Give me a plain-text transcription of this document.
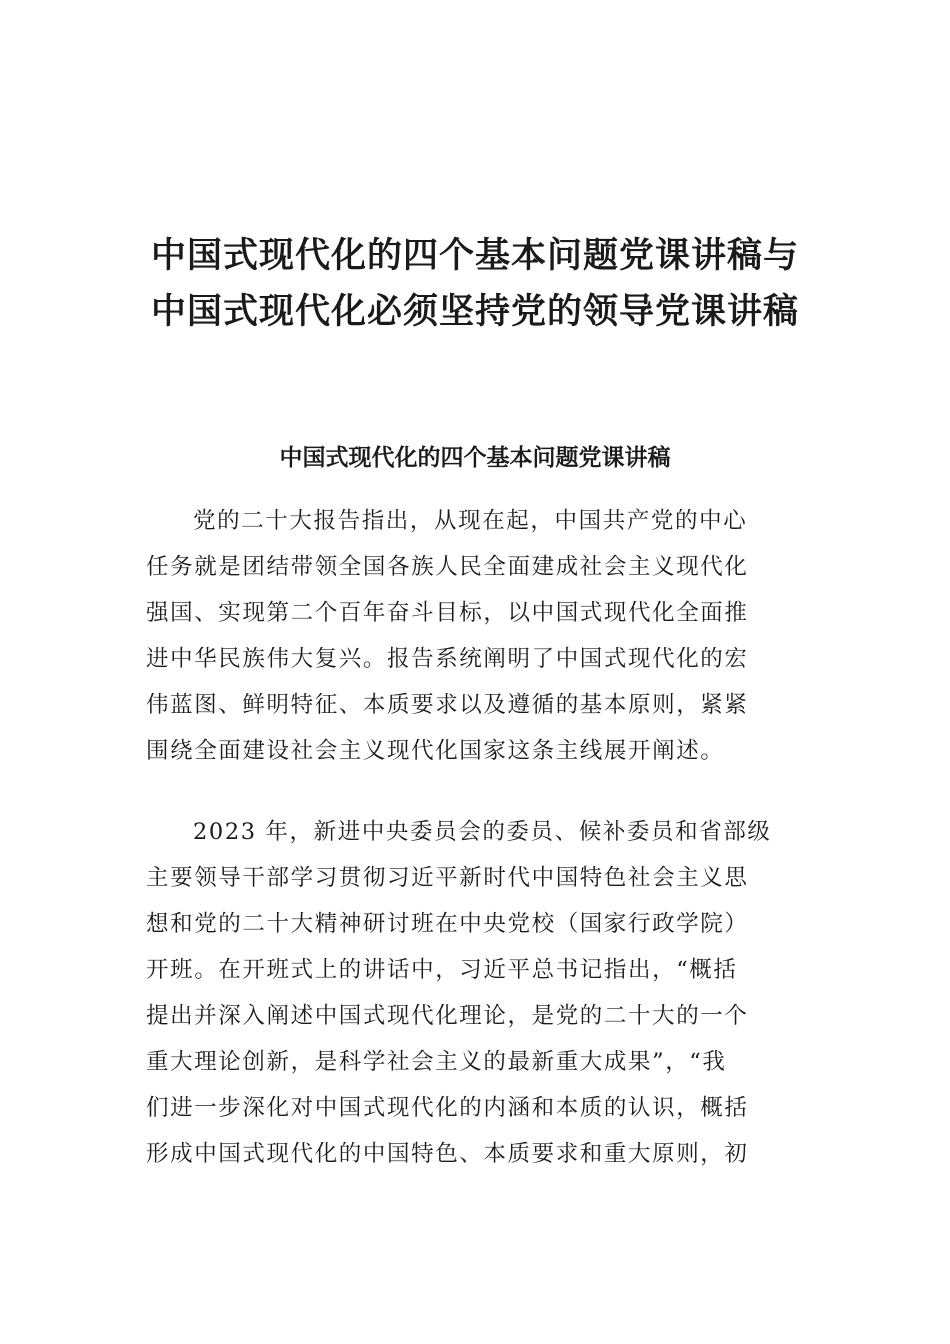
中国式现代化的四个基本问题党课讲稿与
中国式现代化必须坚持党的领导党课讲稿
中国式现代化的四个基本问题党课讲稿
党的二十大报告指出，从现在起，中国共产党的中心
任务就是团结带领全国各族人民全面建成社会主义现代化
强国、实现第二个百年奋斗目标，以中国式现代化全面推
进中华民族伟大复兴。报告系统阐明了中国式现代化的宏
伟蓝图、鲜明特征、本质要求以及遵循的基本原则，紧紧
围绕全面建设社会主义现代化国家这条主线展开阐述。
2023 年，新进中央委员会的委员、候补委员和省部级
主要领导干部学习贯彻习近平新时代中国特色社会主义思
想和党的二十大精神研讨班在中央党校（国家行政学院）
开班。在开班式上的讲话中，习近平总书记指出，“概括
提出并深入阐述中国式现代化理论，是党的二十大的一个
重大理论创新，是科学社会主义的最新重大成果”，“我
们进一步深化对中国式现代化的内涵和本质的认识，概括
形成中国式现代化的中国特色、本质要求和重大原则，初
